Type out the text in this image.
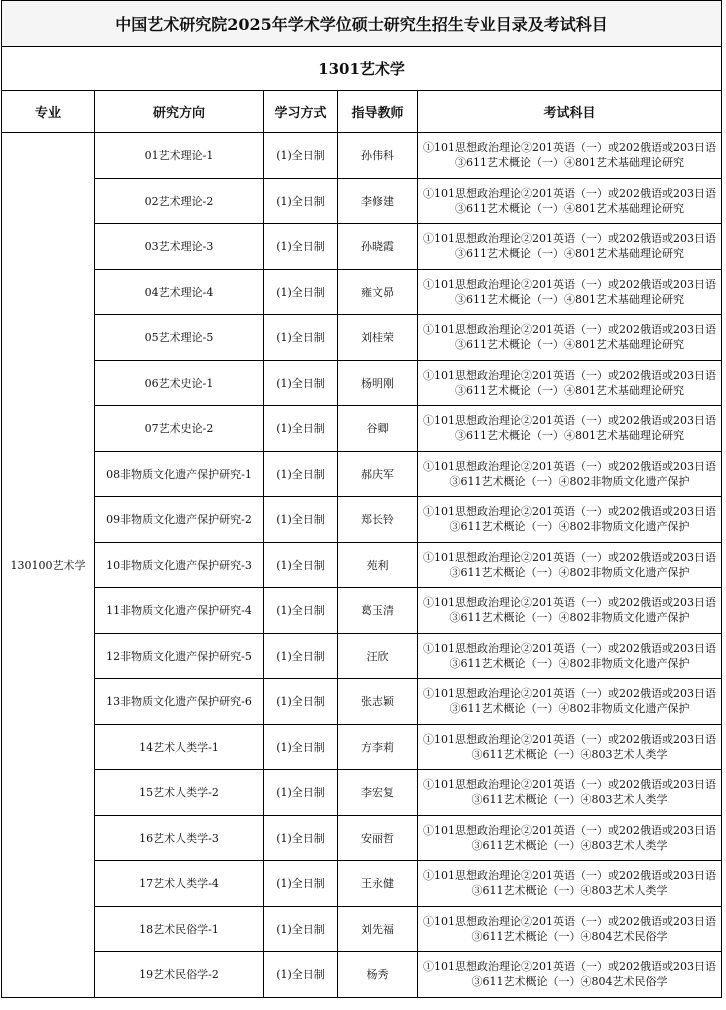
中国艺术研究院2025年学术学位硕士研究生招生专业目录及考试科目				
1301艺术学				
专业	研究方向	学习方式	指导教师	考试科目
130100艺术学	01艺术理论-1	(1)全日制	孙伟科	①101思想政治理论②201英语（一）或202俄语或203日语
③611艺术概论（一）④801艺术基础理论研究

	02艺术理论-2	(1)全日制	李修建	①101思想政治理论②201英语（一）或202俄语或203日语
③611艺术概论（一）④801艺术基础理论研究

	03艺术理论-3	(1)全日制	孙晓霞	①101思想政治理论②201英语（一）或202俄语或203日语
③611艺术概论（一）④801艺术基础理论研究

	04艺术理论-4	(1)全日制	雍文昴	①101思想政治理论②201英语（一）或202俄语或203日语
③611艺术概论（一）④801艺术基础理论研究

	05艺术理论-5	(1)全日制	刘桂荣	①101思想政治理论②201英语（一）或202俄语或203日语
③611艺术概论（一）④801艺术基础理论研究

	06艺术史论-1	(1)全日制	杨明刚	①101思想政治理论②201英语（一）或202俄语或203日语
③611艺术概论（一）④801艺术基础理论研究

	07艺术史论-2	(1)全日制	谷卿	①101思想政治理论②201英语（一）或202俄语或203日语
③611艺术概论（一）④801艺术基础理论研究

	08非物质文化遗产保护研究-1	(1)全日制	郝庆军	①101思想政治理论②201英语（一）或202俄语或203日语
③611艺术概论（一）④802非物质文化遗产保护

	09非物质文化遗产保护研究-2	(1)全日制	郑长铃	①101思想政治理论②201英语（一）或202俄语或203日语
③611艺术概论（一）④802非物质文化遗产保护

	10非物质文化遗产保护研究-3	(1)全日制	苑利	①101思想政治理论②201英语（一）或202俄语或203日语
③611艺术概论（一）④802非物质文化遗产保护

	11非物质文化遗产保护研究-4	(1)全日制	葛玉清	①101思想政治理论②201英语（一）或202俄语或203日语
③611艺术概论（一）④802非物质文化遗产保护

	12非物质文化遗产保护研究-5	(1)全日制	汪欣	①101思想政治理论②201英语（一）或202俄语或203日语
③611艺术概论（一）④802非物质文化遗产保护

	13非物质文化遗产保护研究-6	(1)全日制	张志颖	①101思想政治理论②201英语（一）或202俄语或203日语
③611艺术概论（一）④802非物质文化遗产保护

	14艺术人类学-1	(1)全日制	方李莉	①101思想政治理论②201英语（一）或202俄语或203日语
③611艺术概论（一）④803艺术人类学

	15艺术人类学-2	(1)全日制	李宏复	①101思想政治理论②201英语（一）或202俄语或203日语
③611艺术概论（一）④803艺术人类学

	16艺术人类学-3	(1)全日制	安丽哲	①101思想政治理论②201英语（一）或202俄语或203日语
③611艺术概论（一）④803艺术人类学

	17艺术人类学-4	(1)全日制	王永健	①101思想政治理论②201英语（一）或202俄语或203日语
③611艺术概论（一）④803艺术人类学

	18艺术民俗学-1	(1)全日制	刘先福	①101思想政治理论②201英语（一）或202俄语或203日语
③611艺术概论（一）④804艺术民俗学

	19艺术民俗学-2	(1)全日制	杨秀	①101思想政治理论②201英语（一）或202俄语或203日语
③611艺术概论（一）④804艺术民俗学
